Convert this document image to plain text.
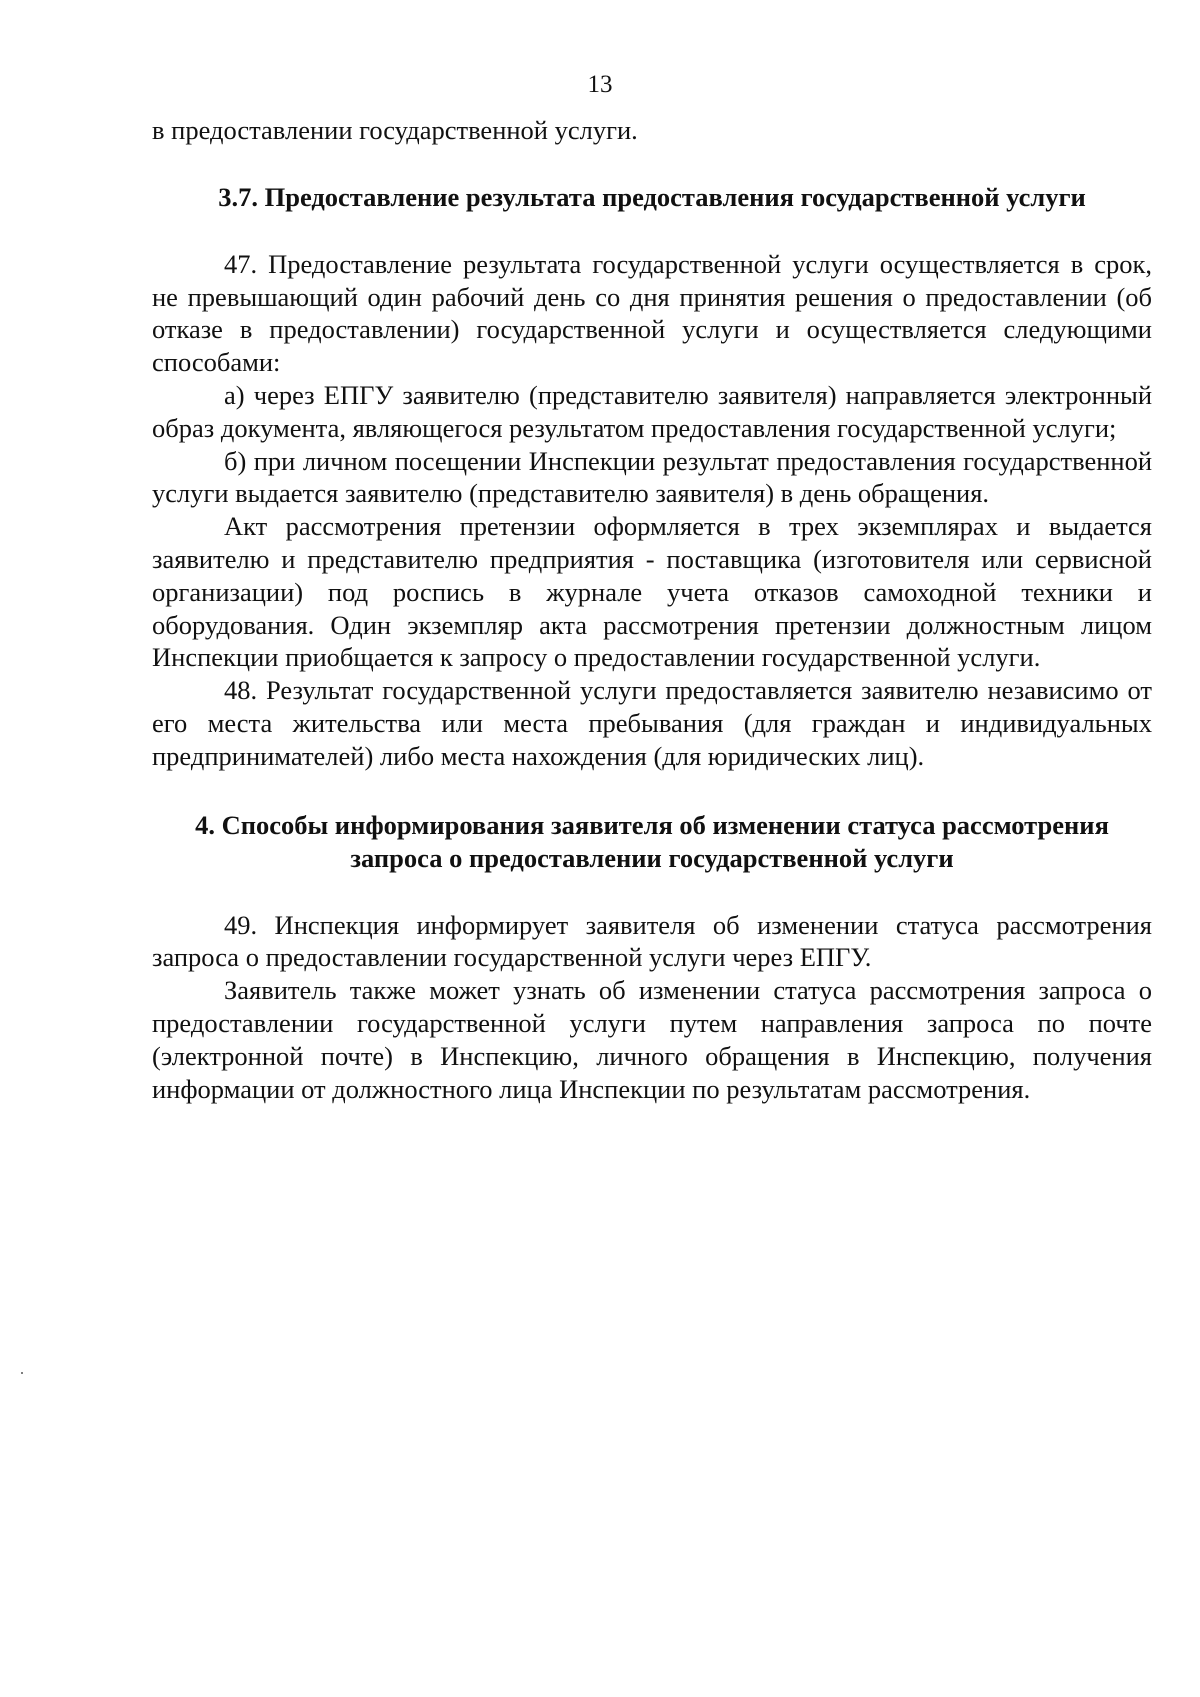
13

в предоставлении государственной услуги.

3.7. Предоставление результата предоставления государственной услуги

47. Предоставление результата государственной услуги осуществляется в срок, не превышающий один рабочий день со дня принятия решения о предоставлении (об отказе в предоставлении) государственной услуги и осуществляется следующими способами:

а) через ЕПГУ заявителю (представителю заявителя) направляется электронный образ документа, являющегося результатом предоставления государственной услуги;

б) при личном посещении Инспекции результат предоставления государственной услуги выдается заявителю (представителю заявителя) в день обращения.

Акт рассмотрения претензии оформляется в трех экземплярах и выдается заявителю и представителю предприятия - поставщика (изготовителя или сервисной организации) под роспись в журнале учета отказов самоходной техники и оборудования. Один экземпляр акта рассмотрения претензии должностным лицом Инспекции приобщается к запросу о предоставлении государственной услуги.

48. Результат государственной услуги предоставляется заявителю независимо от его места жительства или места пребывания (для граждан и индивидуальных предпринимателей) либо места нахождения (для юридических лиц).

4. Способы информирования заявителя об изменении статуса рассмотрения запроса о предоставлении государственной услуги

49. Инспекция информирует заявителя об изменении статуса рассмотрения запроса о предоставлении государственной услуги через ЕПГУ.

Заявитель также может узнать об изменении статуса рассмотрения запроса о предоставлении государственной услуги путем направления запроса по почте (электронной почте) в Инспекцию, личного обращения в Инспекцию, получения информации от должностного лица Инспекции по результатам рассмотрения.
